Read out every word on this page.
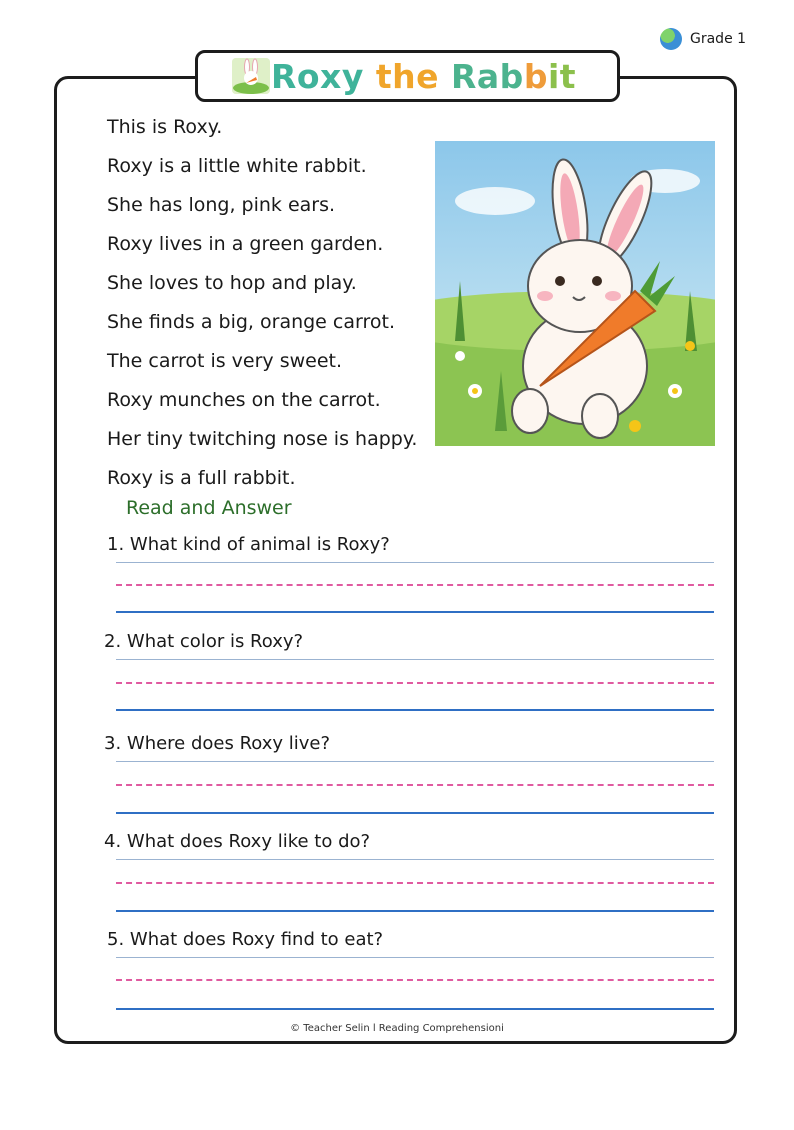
Grade 1
Roxy the Rabbit
This is Roxy.
Roxy is a little white rabbit.
She has long, pink ears.
Roxy lives in a green garden.
She loves to hop and play.
She finds a big, orange carrot.
The carrot is very sweet.
Roxy munches on the carrot.
Her tiny twitching nose is happy.
Roxy is a full rabbit.
Read and Answer
1. What kind of animal is Roxy?
2. What color is Roxy?
3. Where does Roxy live?
4. What does Roxy like to do?
5. What does Roxy find to eat?
© Teacher Selin l Reading Comprehensioni
